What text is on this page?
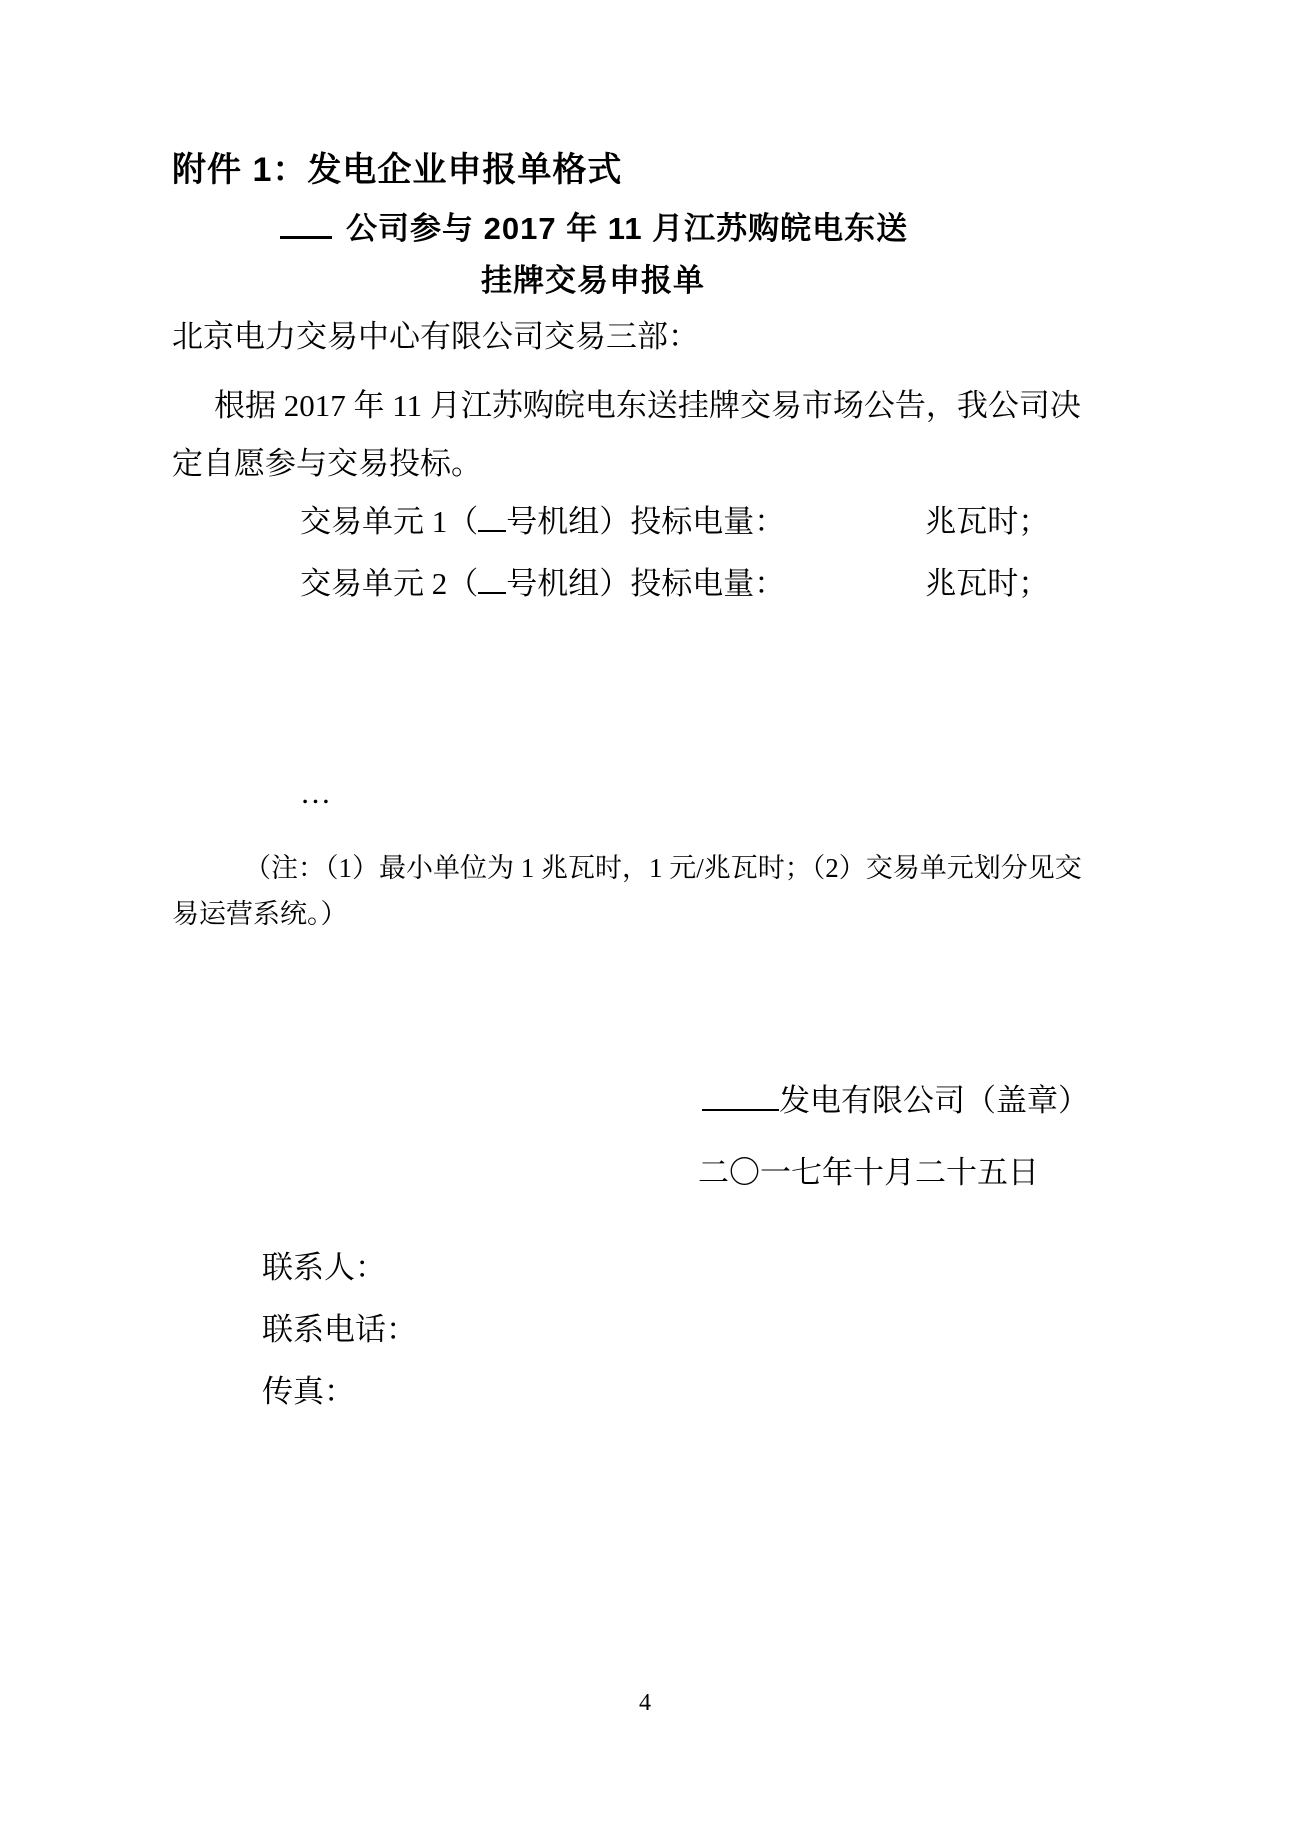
附件 1：发电企业申报单格式
公司参与 2017 年 11 月江苏购皖电东送
挂牌交易申报单
北京电力交易中心有限公司交易三部：
根据 2017 年 11 月江苏购皖电东送挂牌交易市场公告，我公司决
定自愿参与交易投标。
交易单元 1（ 号机组）投标电量：	兆瓦时；
交易单元 2（ 号机组）投标电量：	兆瓦时；
…
（注：（1）最小单位为 1 兆瓦时，1 元/兆瓦时；（2）交易单元划分见交
易运营系统。）
发电有限公司（盖章）
二〇一七年十月二十五日
联系人：
联系电话：
传真：
4
